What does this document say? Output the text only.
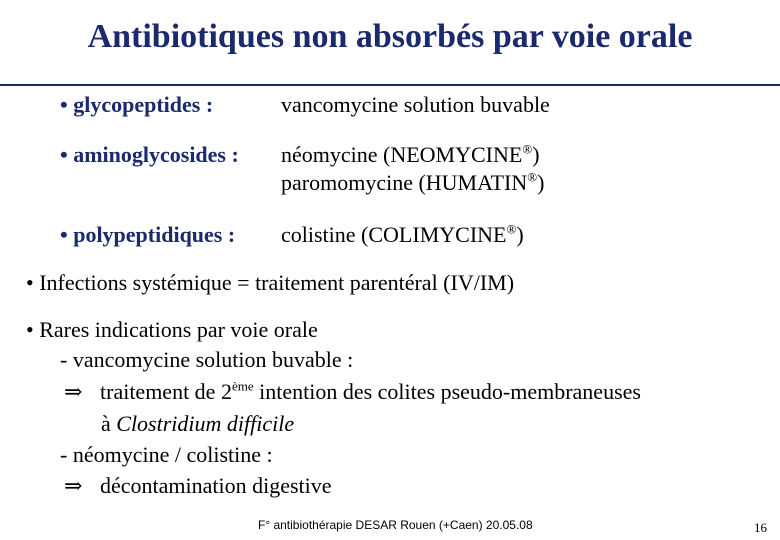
Antibiotiques non absorbés par voie orale
• glycopeptides :	vancomycine solution buvable
• aminoglycosides : néomycine (NEOMYCINE®)
paromomycine (HUMATIN®)
• polypeptidiques : colistine (COLIMYCINE®)
• Infections systémique = traitement parentéral (IV/IM)
• Rares indications par voie orale
- vancomycine solution buvable :
⇒ traitement de 2ème intention des colites pseudo-membraneuses
à Clostridium difficile
- néomycine / colistine :
⇒ décontamination digestive
F° antibiothérapie DESAR Rouen (+Caen) 20.05.08	16
